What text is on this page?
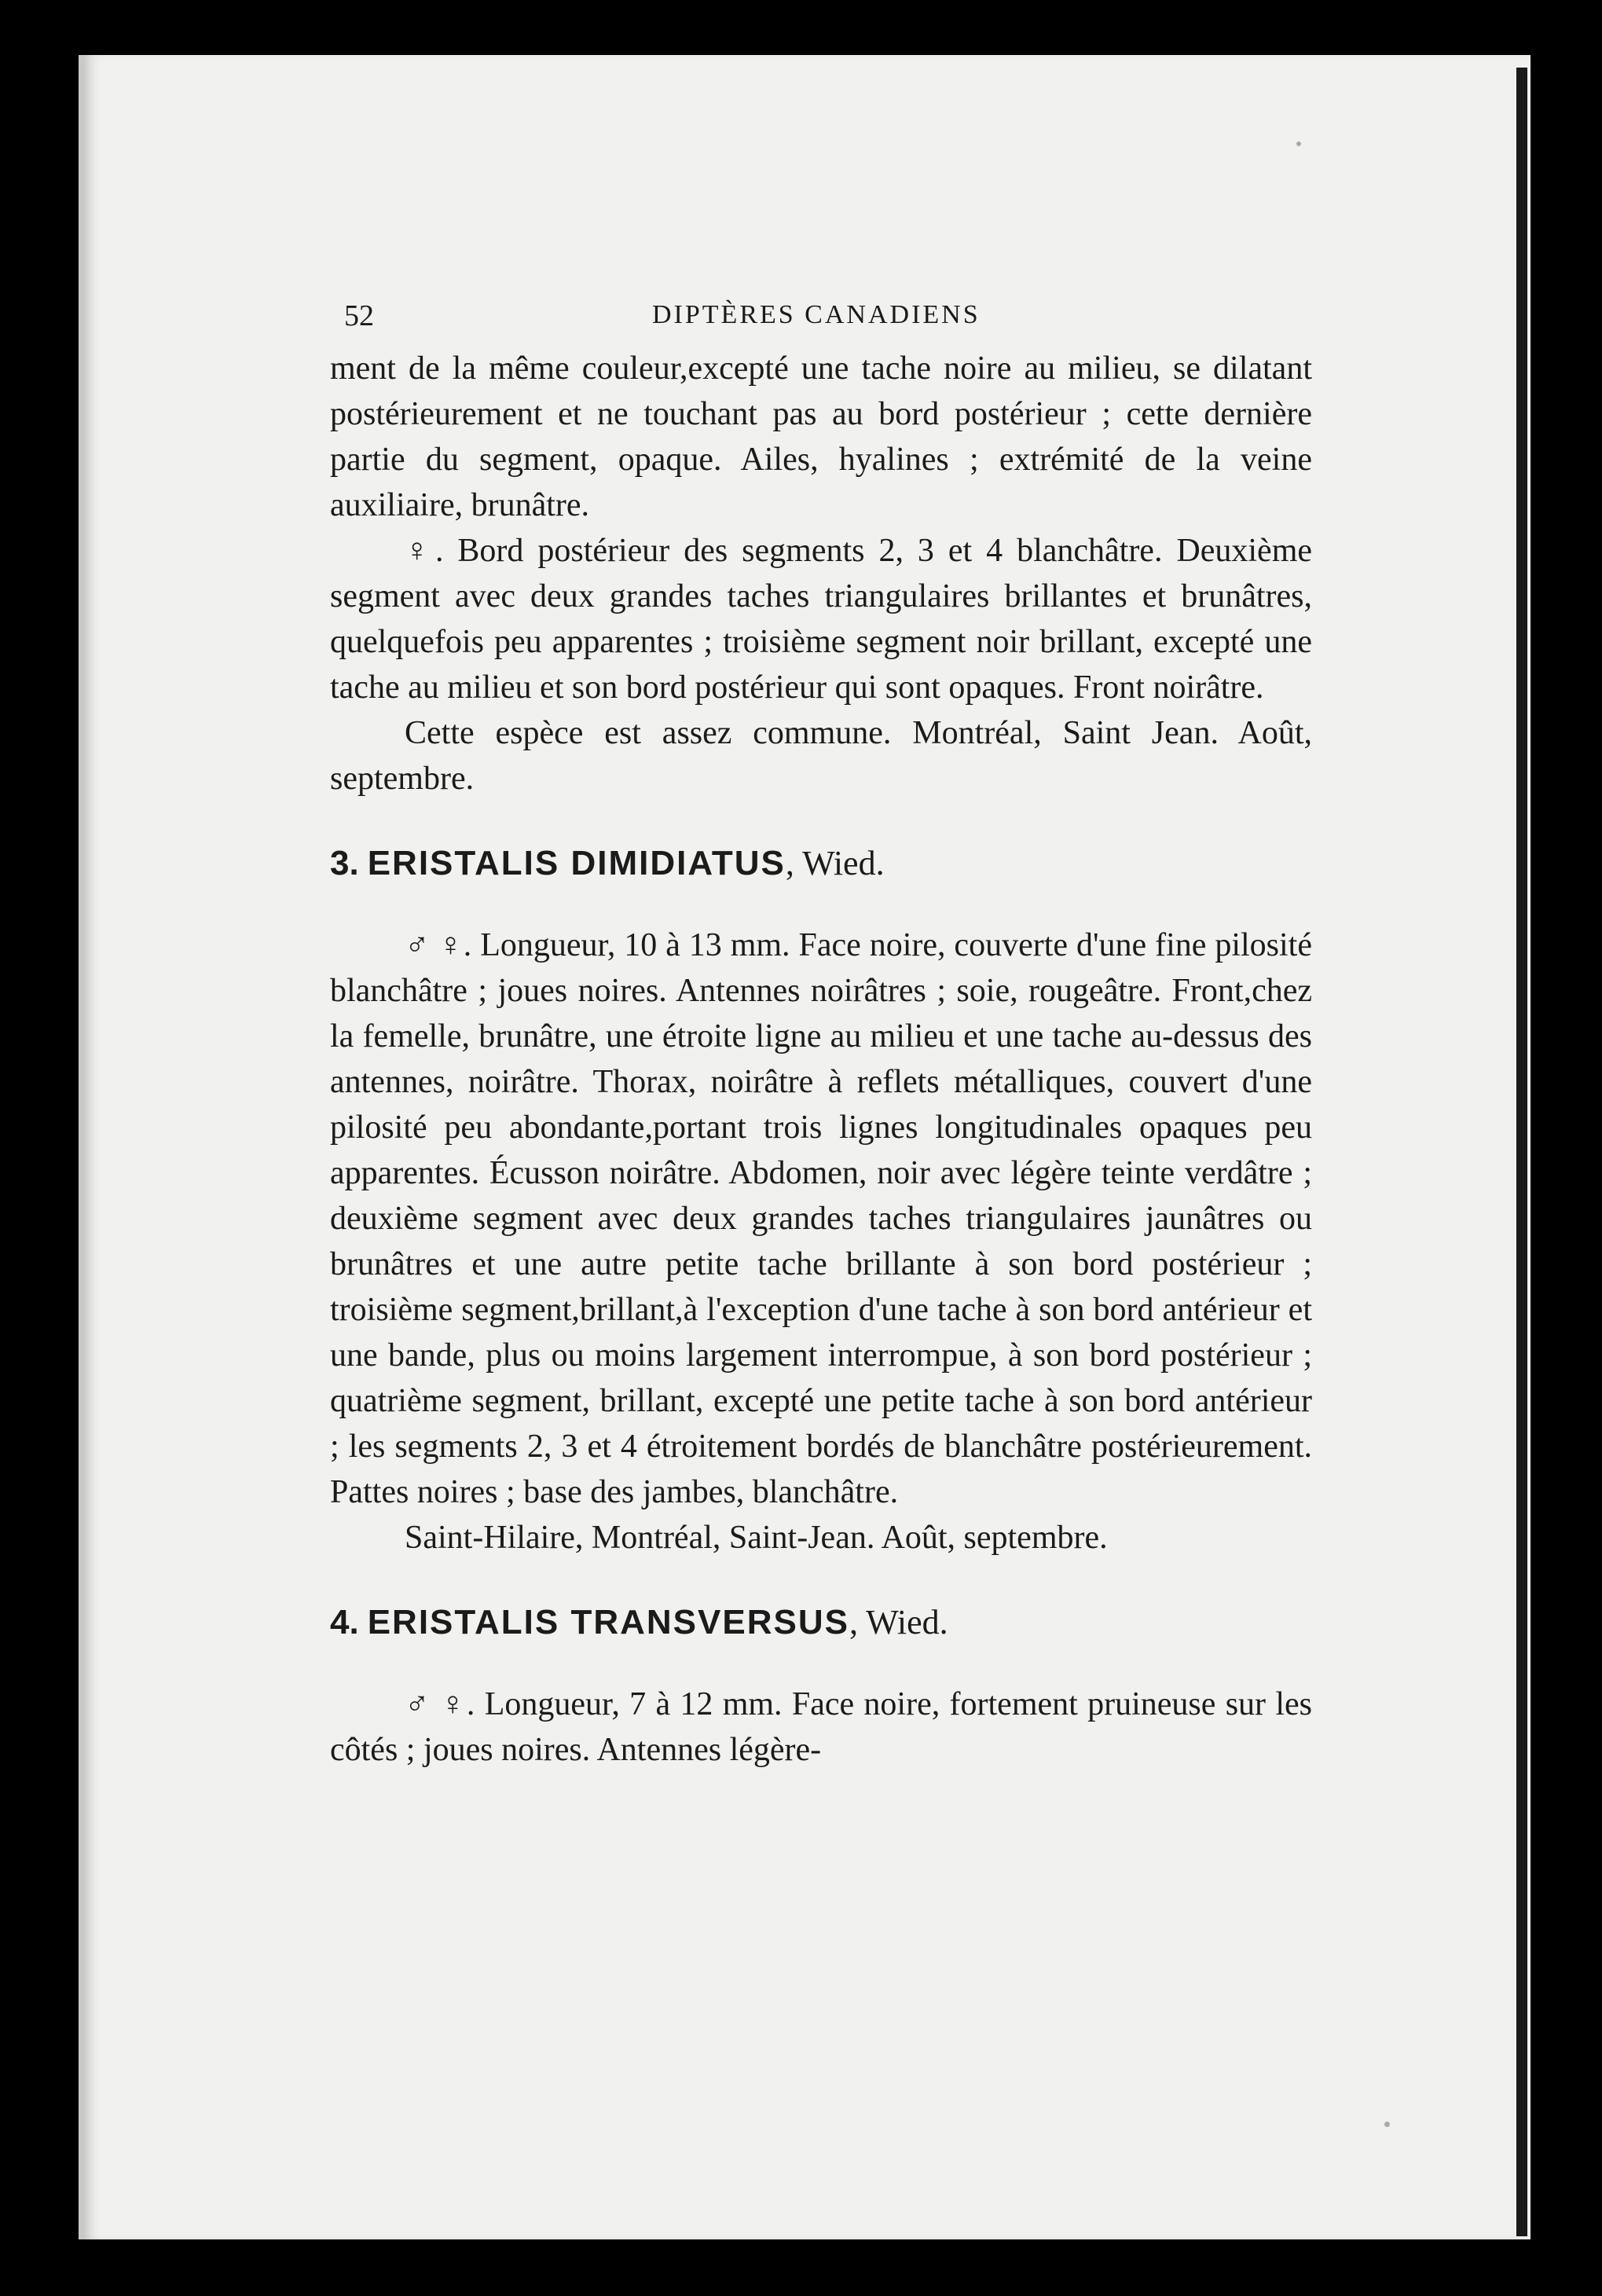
52	DIPTÈRES CANADIENS

ment de la même couleur,excepté une tache noire au milieu, se dilatant postérieurement et ne touchant pas au bord postérieur ; cette dernière partie du segment, opaque. Ailes, hyalines ; extrémité de la veine auxiliaire, brunâtre.

♀. Bord postérieur des segments 2, 3 et 4 blanchâtre. Deuxième segment avec deux grandes taches triangulaires brillantes et brunâtres, quelquefois peu apparentes ; troisième segment noir brillant, excepté une tache au milieu et son bord postérieur qui sont opaques. Front noirâtre.

Cette espèce est assez commune. Montréal, Saint Jean. Août, septembre.

3. ERISTALIS DIMIDIATUS, Wied.

♂ ♀. Longueur, 10 à 13 mm. Face noire, couverte d'une fine pilosité blanchâtre ; joues noires. Antennes noirâtres ; soie, rougeâtre. Front,chez la femelle, brunâtre, une étroite ligne au milieu et une tache au-dessus des antennes, noirâtre. Thorax, noirâtre à reflets métalliques, couvert d'une pilosité peu abondante,portant trois lignes longitudinales opaques peu apparentes. Écusson noirâtre. Abdomen, noir avec légère teinte verdâtre ; deuxième segment avec deux grandes taches triangulaires jaunâtres ou brunâtres et une autre petite tache brillante à son bord postérieur ; troisième segment,brillant,à l'exception d'une tache à son bord antérieur et une bande, plus ou moins largement interrompue, à son bord postérieur ; quatrième segment, brillant, excepté une petite tache à son bord antérieur ; les segments 2, 3 et 4 étroitement bordés de blanchâtre postérieurement. Pattes noires ; base des jambes, blanchâtre.

Saint-Hilaire, Montréal, Saint-Jean. Août, septembre.

4. ERISTALIS TRANSVERSUS, Wied.

♂ ♀. Longueur, 7 à 12 mm. Face noire, fortement pruineuse sur les côtés ; joues noires. Antennes légère-
